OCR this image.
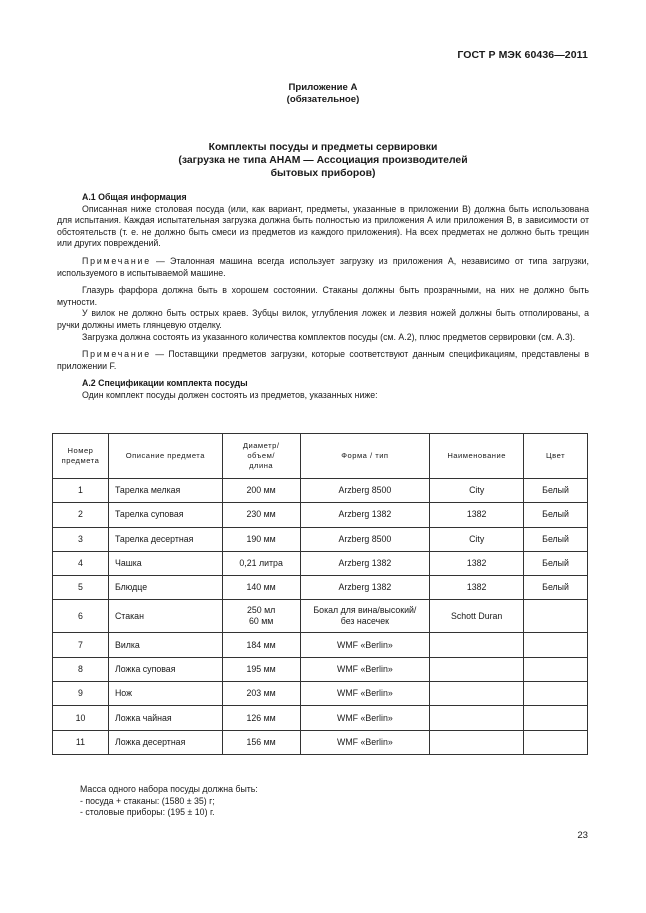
ГОСТ Р МЭК 60436—2011
Приложение А
(обязательное)
Комплекты посуды и предметы сервировки
(загрузка не типа AHAM — Ассоциация производителей
бытовых приборов)

А.1 Общая информация

Описанная ниже столовая посуда (или, как вариант, предметы, указанные в приложении В) должна быть использована для испытания. Каждая испытательная загрузка должна быть полностью из приложения А или приложения В, в зависимости от обстоятельств (т. е. не должно быть смеси из предметов из каждого приложения). На всех предметах не должно быть трещин или других повреждений.

Примечание — Эталонная машина всегда использует загрузку из приложения А, независимо от типа загрузки, используемого в испытываемой машине.

Глазурь фарфора должна быть в хорошем состоянии. Стаканы должны быть прозрачными, на них не должно быть мутности.

У вилок не должно быть острых краев. Зубцы вилок, углубления ложек и лезвия ножей должны быть отполированы, а ручки должны иметь глянцевую отделку.

Загрузка должна состоять из указанного количества комплектов посуды (см. А.2), плюс предметов сервировки (см. А.3).

Примечание — Поставщики предметов загрузки, которые соответствуют данным спецификациям, представлены в приложении F.

А.2 Спецификации комплекта посуды

Один комплект посуды должен состоять из предметов, указанных ниже:

Номер
предмета	Описание предмета	Диаметр/
объем/
длина	Форма / тип	Наименование	Цвет
1	Тарелка мелкая	200 мм	Arzberg 8500	City	Белый
2	Тарелка суповая	230 мм	Arzberg 1382	1382	Белый
3	Тарелка десертная	190 мм	Arzberg 8500	City	Белый
4	Чашка	0,21 литра	Arzberg 1382	1382	Белый
5	Блюдце	140 мм	Arzberg 1382	1382	Белый
6	Стакан	250 мл
60 мм	Бокал для вина/высокий/
без насечек	Schott Duran	
7	Вилка	184 мм	WMF «Berlin»		
8	Ложка суповая	195 мм	WMF «Berlin»		
9	Нож	203 мм	WMF «Berlin»		
10	Ложка чайная	126 мм	WMF «Berlin»		
11	Ложка десертная	156 мм	WMF «Berlin»		
Масса одного набора посуды должна быть:
- посуда + стаканы: (1580 ± 35) г;
- столовые приборы: (195 ± 10) г.
23
